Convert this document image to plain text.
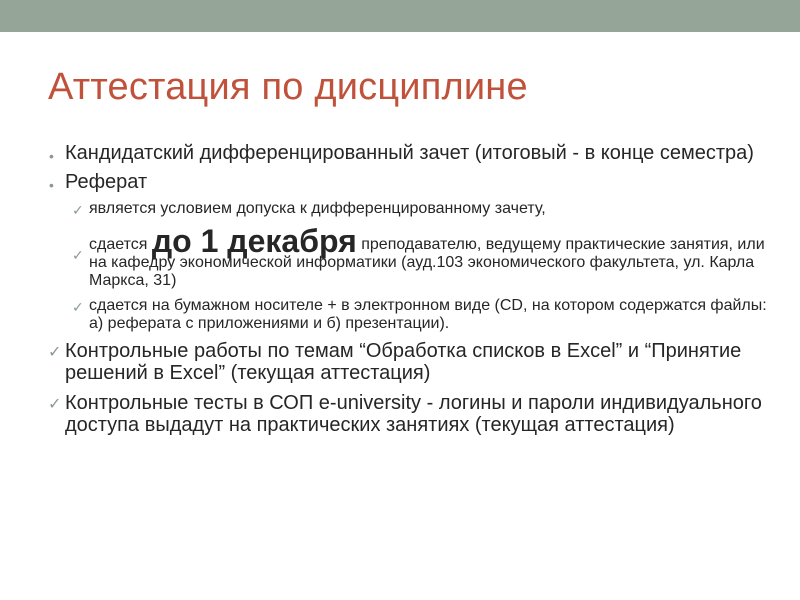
Аттестация по дисциплине
• Кандидатский дифференцированный зачет (итоговый - в конце семестра)
• Реферат
✓ является условием допуска к дифференцированному зачету,
✓
сдается до 1 декабря преподавателю, ведущему практические занятия, или на кафедру экономической информатики (ауд.103 экономического факультета, ул. Карла Маркса, 31)
✓ сдается на бумажном носителе + в электронном виде (CD, на котором содержатся файлы: а) реферата с приложениями и б) презентации).
✓ Контрольные работы по темам “Обработка списков в Excel” и “Принятие решений в Excel” (текущая аттестация)
✓ Контрольные тесты в СОП e-university - логины и пароли индивидуального доступа выдадут на практических занятиях (текущая аттестация)
